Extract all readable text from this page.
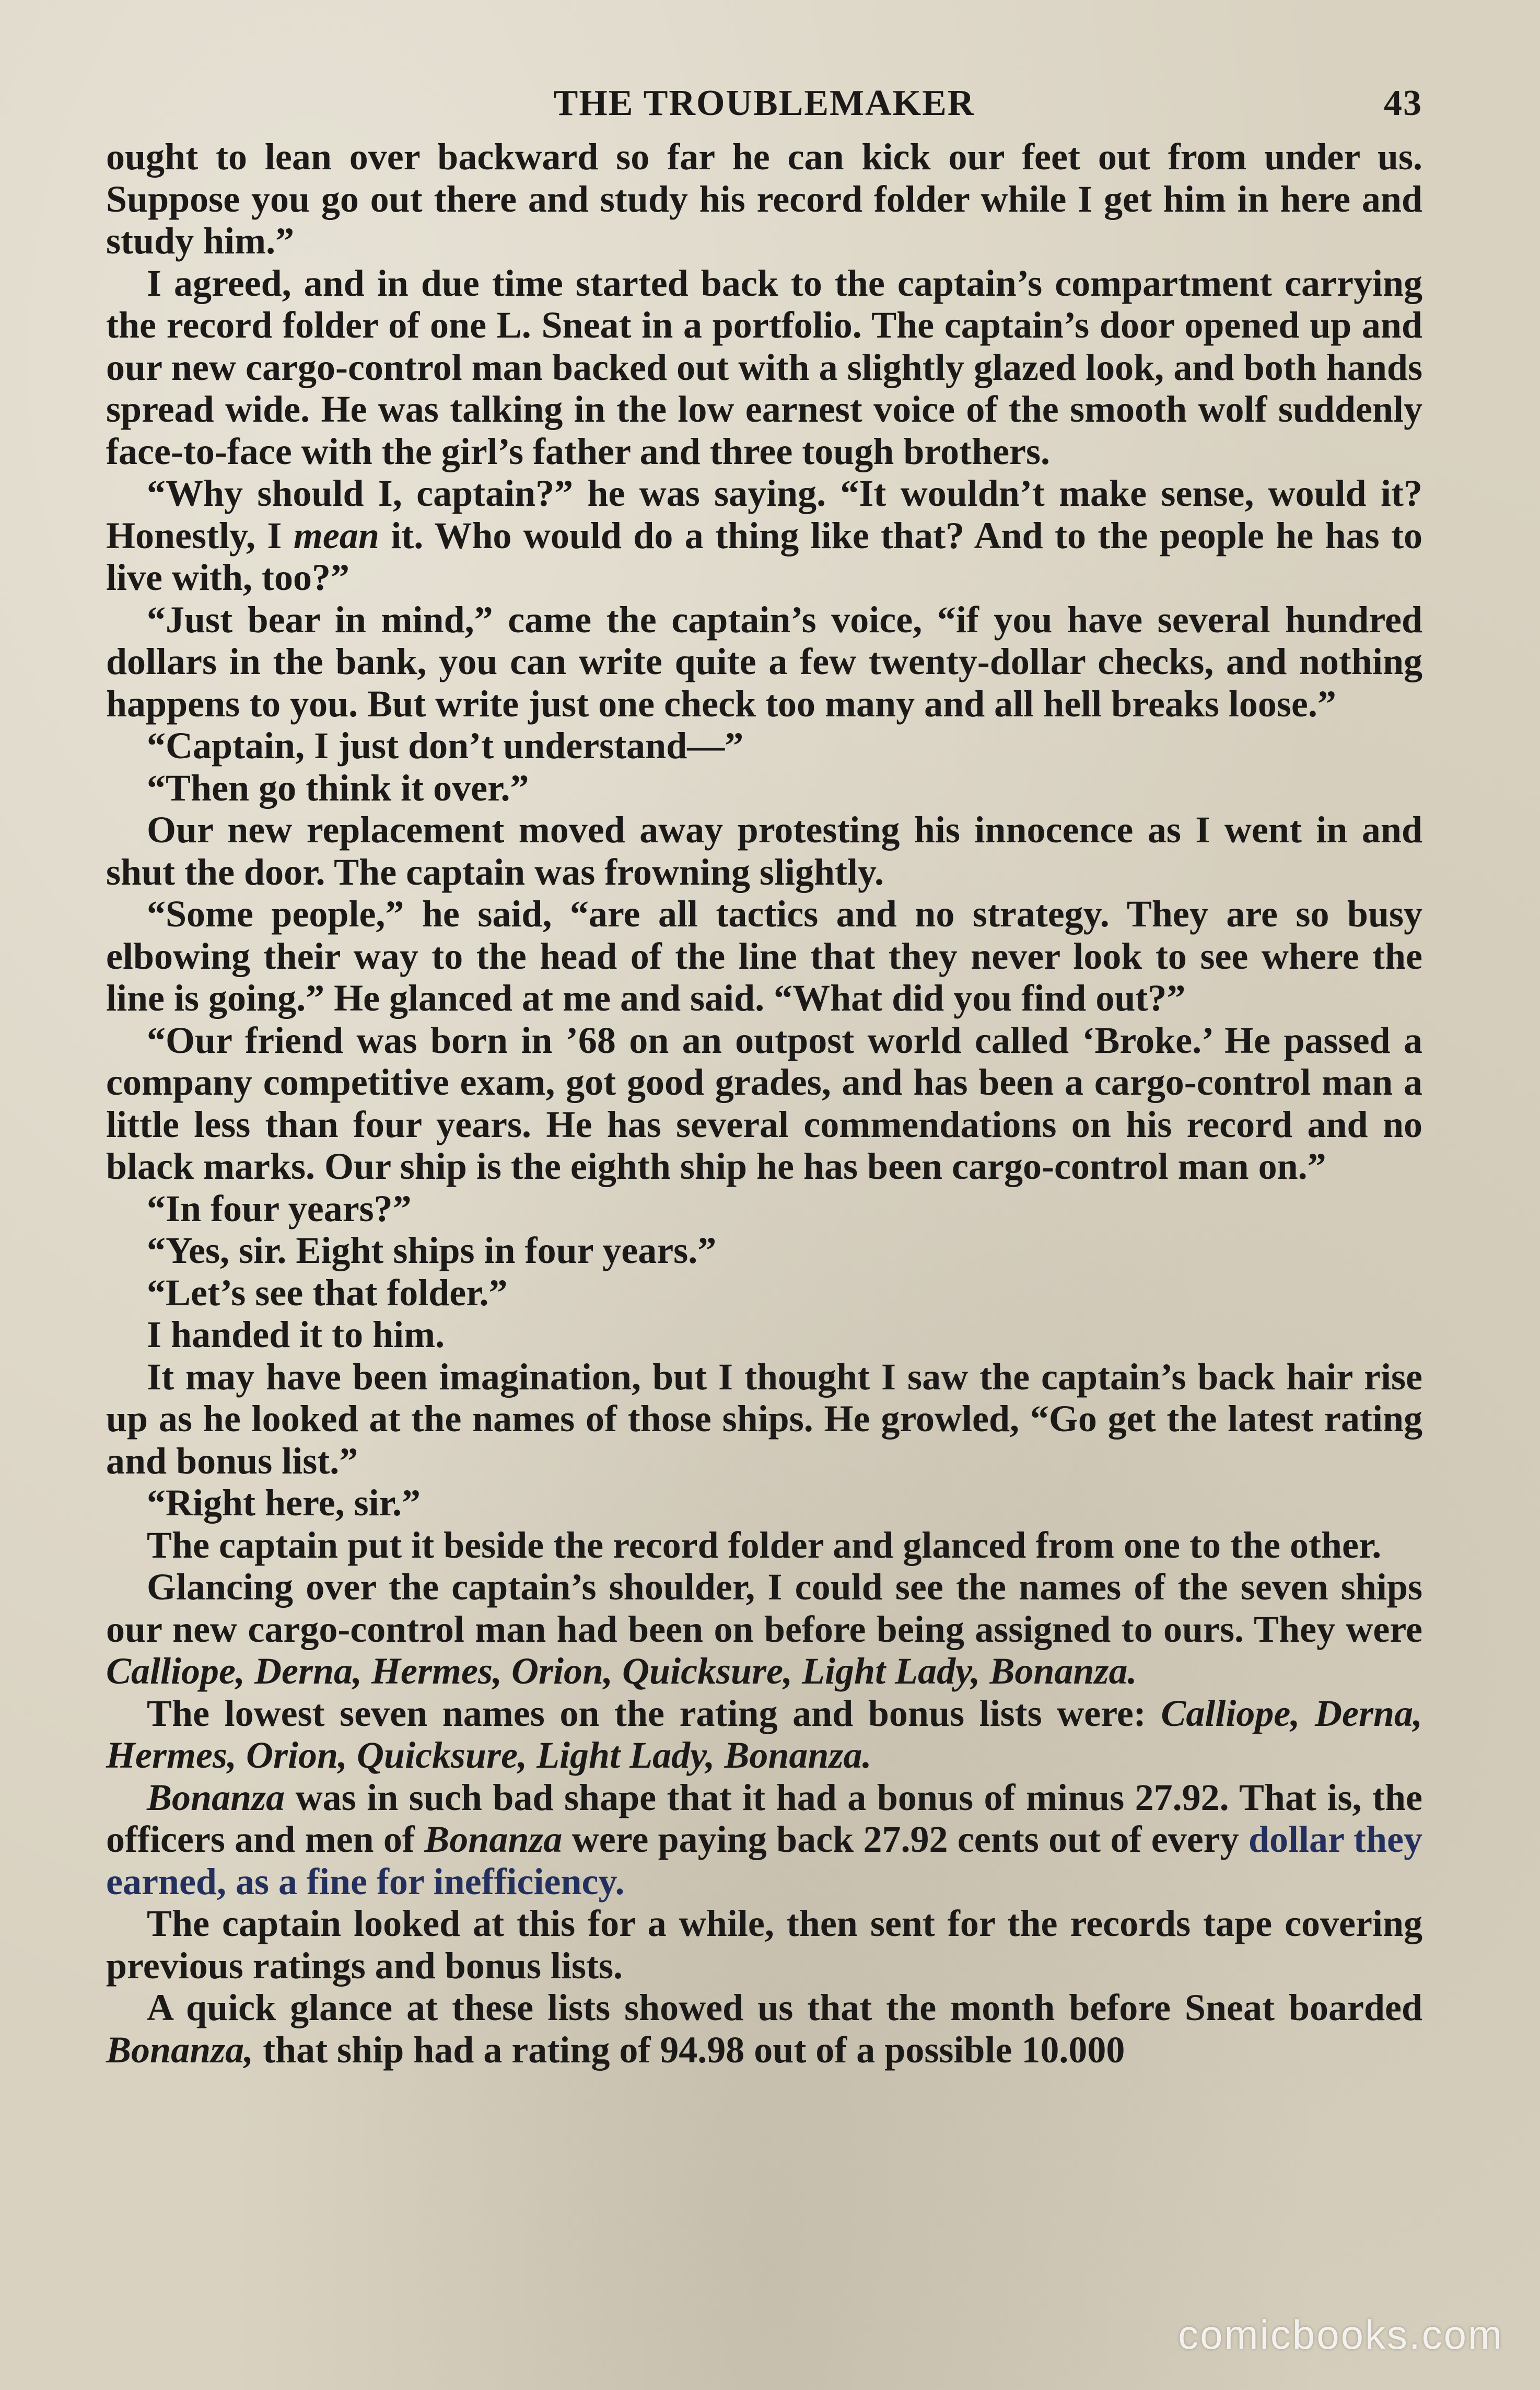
THE TROUBLEMAKER	43

ought to lean over backward so far he can kick our feet out from under us. Suppose you go out there and study his record folder while I get him in here and study him.”

I agreed, and in due time started back to the captain’s compartment carrying the record folder of one L. Sneat in a portfolio. The captain’s door opened up and our new cargo-control man backed out with a slightly glazed look, and both hands spread wide. He was talking in the low earnest voice of the smooth wolf suddenly face-to-face with the girl’s father and three tough brothers.

“Why should I, captain?” he was saying. “It wouldn’t make sense, would it? Honestly, I mean it. Who would do a thing like that? And to the people he has to live with, too?”

“Just bear in mind,” came the captain’s voice, “if you have several hundred dollars in the bank, you can write quite a few twenty-dollar checks, and nothing happens to you. But write just one check too many and all hell breaks loose.”

“Captain, I just don’t understand—”

“Then go think it over.”

Our new replacement moved away protesting his innocence as I went in and shut the door. The captain was frowning slightly.

“Some people,” he said, “are all tactics and no strategy. They are so busy elbowing their way to the head of the line that they never look to see where the line is going.” He glanced at me and said. “What did you find out?”

“Our friend was born in ’68 on an outpost world called ‘Broke.’ He passed a company competitive exam, got good grades, and has been a cargo-control man a little less than four years. He has several commendations on his record and no black marks. Our ship is the eighth ship he has been cargo-control man on.”

“In four years?”

“Yes, sir. Eight ships in four years.”

“Let’s see that folder.”

I handed it to him.

It may have been imagination, but I thought I saw the captain’s back hair rise up as he looked at the names of those ships. He growled, “Go get the latest rating and bonus list.”

“Right here, sir.”

The captain put it beside the record folder and glanced from one to the other.

Glancing over the captain’s shoulder, I could see the names of the seven ships our new cargo-control man had been on before being assigned to ours. They were Calliope, Derna, Hermes, Orion, Quicksure, Light Lady, Bonanza.

The lowest seven names on the rating and bonus lists were: Calliope, Derna, Hermes, Orion, Quicksure, Light Lady, Bonanza.

Bonanza was in such bad shape that it had a bonus of minus 27.92. That is, the officers and men of Bonanza were paying back 27.92 cents out of every dollar they earned, as a fine for inefficiency.

The captain looked at this for a while, then sent for the records tape covering previous ratings and bonus lists.

A quick glance at these lists showed us that the month before Sneat boarded Bonanza, that ship had a rating of 94.98 out of a possible 10.000

comicbooks.com
